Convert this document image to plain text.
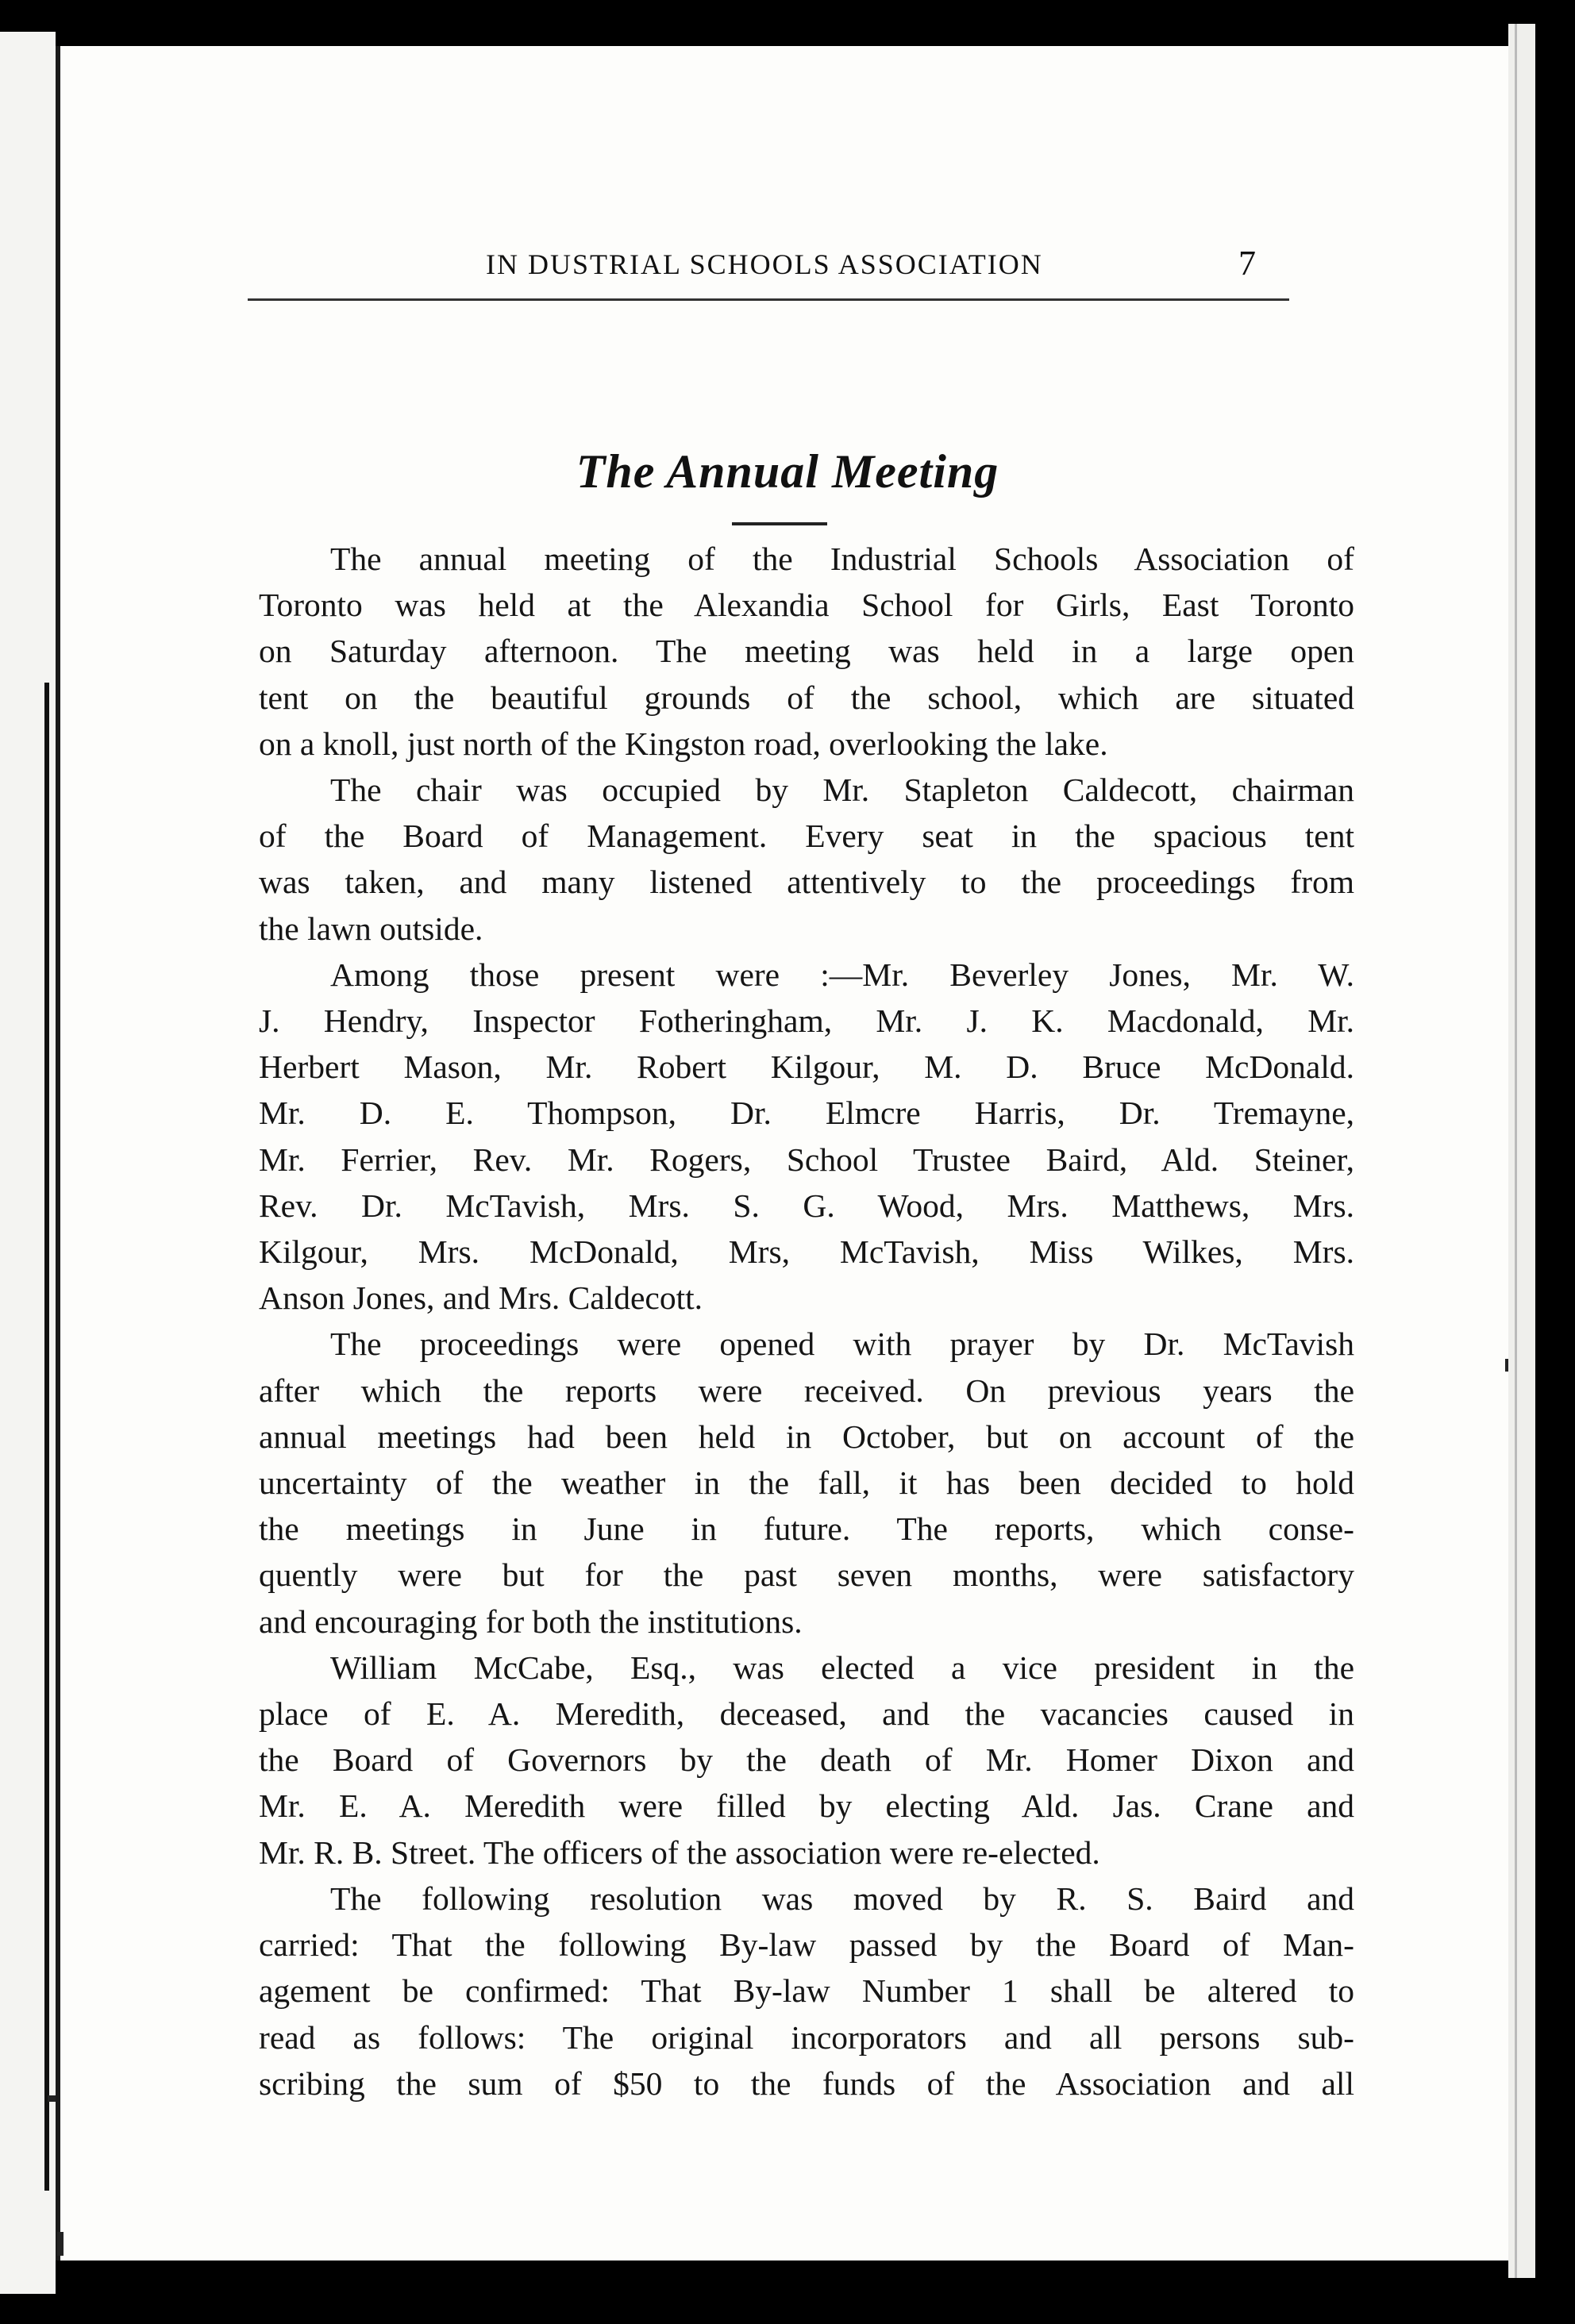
IN DUSTRIAL SCHOOLS ASSOCIATION	7
The Annual Meeting
The annual meeting of the Industrial Schools Association of
Toronto was held at the Alexandia School for Girls, East Toronto
on Saturday afternoon. The meeting was held in a large open
tent on the beautiful grounds of the school, which are situated
on a knoll, just north of the Kingston road, overlooking the lake.
The chair was occupied by Mr. Stapleton Caldecott, chairman
of the Board of Management. Every seat in the spacious tent
was taken, and many listened attentively to the proceedings from
the lawn outside.
Among those present were :—Mr. Beverley Jones, Mr. W.
J. Hendry, Inspector Fotheringham, Mr. J. K. Macdonald, Mr.
Herbert Mason, Mr. Robert Kilgour, M. D. Bruce McDonald.
Mr. D. E. Thompson, Dr. Elmcre Harris, Dr. Tremayne,
Mr. Ferrier, Rev. Mr. Rogers, School Trustee Baird, Ald. Steiner,
Rev. Dr. McTavish, Mrs. S. G. Wood, Mrs. Matthews, Mrs.
Kilgour, Mrs. McDonald, Mrs, McTavish, Miss Wilkes, Mrs.
Anson Jones, and Mrs. Caldecott.
The proceedings were opened with prayer by Dr. McTavish
after which the reports were received. On previous years the
annual meetings had been held in October, but on account of the
uncertainty of the weather in the fall, it has been decided to hold
the meetings in June in future. The reports, which conse-
quently were but for the past seven months, were satisfactory
and encouraging for both the institutions.
William McCabe, Esq., was elected a vice president in the
place of E. A. Meredith, deceased, and the vacancies caused in
the Board of Governors by the death of Mr. Homer Dixon and
Mr. E. A. Meredith were filled by electing Ald. Jas. Crane and
Mr. R. B. Street. The officers of the association were re-elected.
The following resolution was moved by R. S. Baird and
carried: That the following By-law passed by the Board of Man-
agement be confirmed: That By-law Number 1 shall be altered to
read as follows: The original incorporators and all persons sub-
scribing the sum of $50 to the funds of the Association and all
